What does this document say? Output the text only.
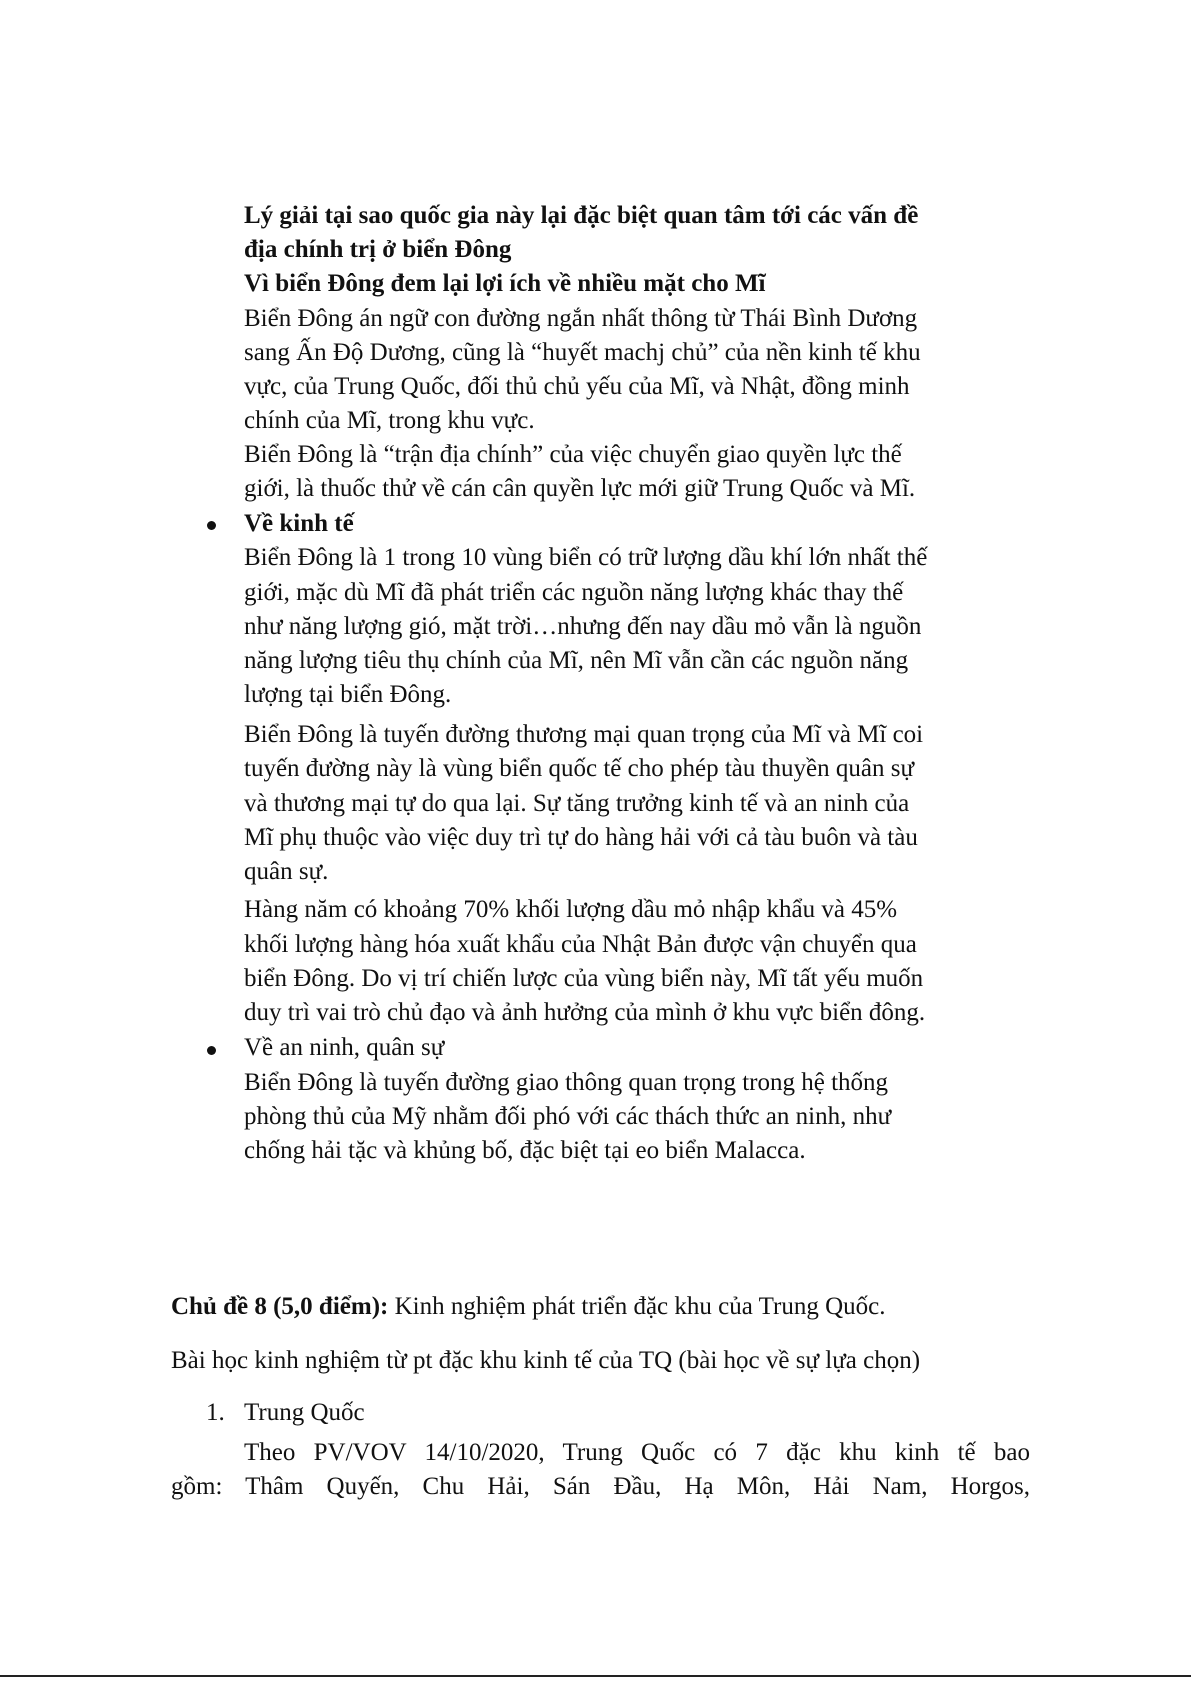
Lý giải tại sao quốc gia này lại đặc biệt quan tâm tới các vấn đề
địa chính trị ở biển Đông
Vì biển Đông đem lại lợi ích về nhiều mặt cho Mĩ
Biển Đông án ngữ con đường ngắn nhất thông từ Thái Bình Dương
sang Ấn Độ Dương, cũng là “huyết machj chủ” của nền kinh tế khu
vực, của Trung Quốc, đối thủ chủ yếu của Mĩ, và Nhật, đồng minh
chính của Mĩ, trong khu vực.
Biển Đông là “trận địa chính” của việc chuyển giao quyền lực thế
giới, là thuốc thử về cán cân quyền lực mới giữ Trung Quốc và Mĩ.
Về kinh tế
Biển Đông là 1 trong 10 vùng biển có trữ lượng dầu khí lớn nhất thế
giới, mặc dù Mĩ đã phát triển các nguồn năng lượng khác thay thế
như năng lượng gió, mặt trời…nhưng đến nay dầu mỏ vẫn là nguồn
năng lượng tiêu thụ chính của Mĩ, nên Mĩ vẫn cần các nguồn năng
lượng tại biển Đông.
Biển Đông là tuyến đường thương mại quan trọng của Mĩ và Mĩ coi
tuyến đường này là vùng biển quốc tế cho phép tàu thuyền quân sự
và thương mại tự do qua lại. Sự tăng trưởng kinh tế và an ninh của
Mĩ phụ thuộc vào việc duy trì tự do hàng hải với cả tàu buôn và tàu
quân sự.
Hàng năm có khoảng 70% khối lượng dầu mỏ nhập khẩu và 45%
khối lượng hàng hóa xuất khẩu của Nhật Bản được vận chuyển qua
biển Đông. Do vị trí chiến lược của vùng biển này, Mĩ tất yếu muốn
duy trì vai trò chủ đạo và ảnh hưởng của mình ở khu vực biển đông.
Về an ninh, quân sự
Biển Đông là tuyến đường giao thông quan trọng trong hệ thống
phòng thủ của Mỹ nhằm đối phó với các thách thức an ninh, như
chống hải tặc và khủng bố, đặc biệt tại eo biển Malacca.
Chủ đề 8 (5,0 điểm): Kinh nghiệm phát triển đặc khu của Trung Quốc.
Bài học kinh nghiệm từ pt đặc khu kinh tế của TQ (bài học về sự lựa chọn)
1. Trung Quốc
Theo PV/VOV 14/10/2020, Trung Quốc có 7 đặc khu kinh tế bao
gồm: Thâm Quyến, Chu Hải, Sán Đầu, Hạ Môn, Hải Nam, Horgos,
